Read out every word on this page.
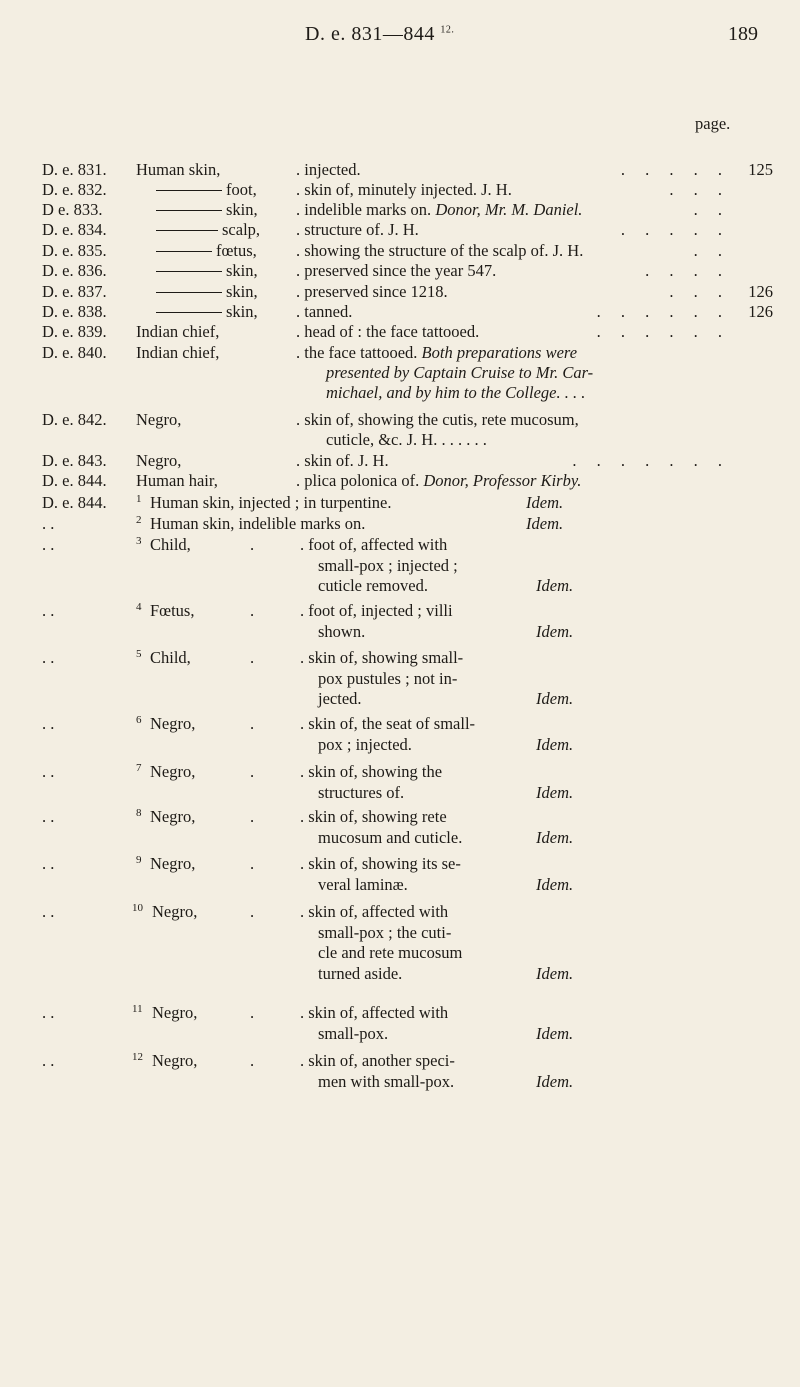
D. e. 831—844 $^{12.}$	189
page.
D. e. 831. Human skin,	. injected.	. . . . . 125
D. e. 832.	foot, . skin of, minutely injected. J. H.	. . .
D e. 833.	skin, . indelible marks on. Donor, Mr. M. Daniel.	. .
D. e. 834.	scalp, . structure of. J. H.	. . . . .
D. e. 835.	fœtus, . showing the structure of the scalp of. J. H.	. .
D. e. 836.	skin, . preserved since the year 547.	. . . .
D. e. 837.	skin, . preserved since 1218.	. . . 126
D. e. 838.	skin, . tanned.	. . . . . . 126
D. e. 839. Indian chief,	. head of : the face tattooed.	. . . . . .
D. e. 840. Indian chief,	. the face tattooed. Both preparations were
presented by Captain Cruise to Mr. Car-
michael, and by him to the College. . . .
D. e. 842. Negro,	. skin of, showing the cutis, rete mucosum,
cuticle, &c. J. H. . . . . . .
D. e. 843. Negro,	. skin of. J. H.	. . . . . . .
D. e. 844. Human hair,	. plica polonica of. Donor, Professor Kirby.
D. e. 844.	1 Human skin, injected ; in turpentine.	Idem.
. .	2 Human skin, indelible marks on.	Idem.
. .	3 Child,	.	. foot of, affected with
small-pox ; injected ;
cuticle removed.	Idem.
. .	4 Fœtus,	.	. foot of, injected ; villi
shown.	Idem.
. .	5 Child,	.	. skin of, showing small-
pox pustules ; not in-
jected.	Idem.
. .	6 Negro,	.	. skin of, the seat of small-
pox ; injected.	Idem.
. .	7 Negro,	.	. skin of, showing the
structures of.	Idem.
. .	8 Negro,	.	. skin of, showing rete
mucosum and cuticle.	Idem.
. .	9 Negro,	.	. skin of, showing its se-
veral laminæ.	Idem.
. .	10 Negro,	.	. skin of, affected with
small-pox ; the cuti-
cle and rete mucosum
turned aside.	Idem.
. .	11 Negro,	.	. skin of, affected with
small-pox.	Idem.
. .	12 Negro,	.	. skin of, another speci-
men with small-pox.	Idem.
